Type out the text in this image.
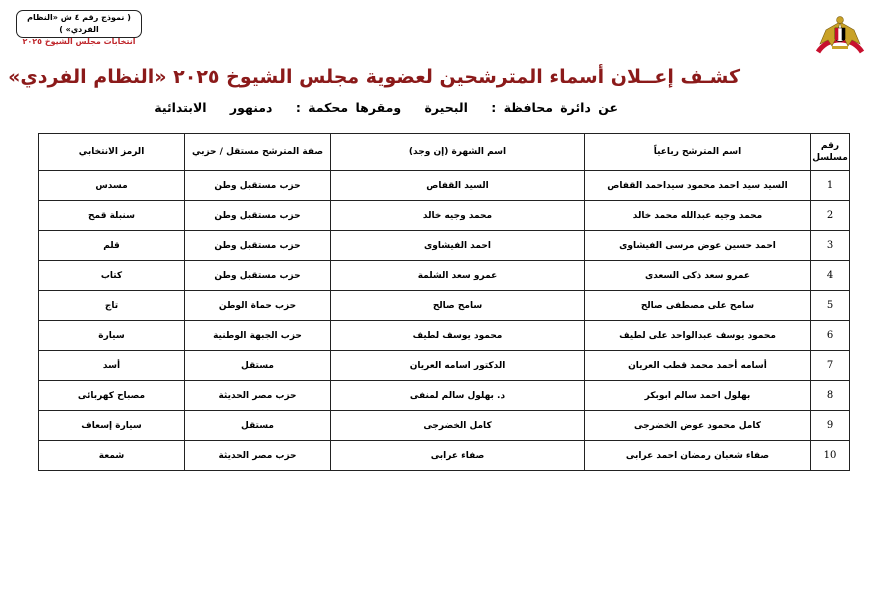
( نموذج رقم ٤ ش «النظام الفردي» )
انتخابات مجلس الشيوخ ٢٠٢٥
كشـف إعــلان أسماء المترشحين لعضوية مجلس الشيوخ ٢٠٢٥ «النظام الفردي»
عن دائرة محافظة : البحيرة ومقرها محكمة : دمنهور الابتدائية
رقم مسلسل	اسم المترشح رباعياً	اسم الشهرة (إن وجد)	صفة المترشح مستقل / حزبي	الرمز الانتخابي
1	السيد سيد احمد محمود سيداحمد القفاص	السيد القفاص	حزب مستقبل وطن	مسدس
2	محمد وجيه عبدالله محمد خالد	محمد وجيه خالد	حزب مستقبل وطن	سنبلة قمح
3	احمد حسين عوض مرسى الفيشاوى	احمد الفيشاوى	حزب مستقبل وطن	قلم
4	عمرو سعد ذكى السعدى	عمرو سعد الشلمة	حزب مستقبل وطن	كتاب
5	سامح على مصطفى صالح	سامح صالح	حزب حماة الوطن	تاج
6	محمود يوسف عبدالواحد على لطيف	محمود يوسف لطيف	حزب الجبهة الوطنية	سيارة
7	أسامه أحمد محمد قطب العريان	الدكتور اسامه العريان	مستقل	أسد
8	بهلول احمد سالم ابوبكر	د. بهلول سالم لمنفى	حزب مصر الحديثة	مصباح كهربائى
9	كامل محمود عوض الخضرجى	كامل الخضرجى	مستقل	سيارة إسعاف
10	صفاء شعبان رمضان احمد عرابى	صفاء عرابى	حزب مصر الحديثة	شمعة
